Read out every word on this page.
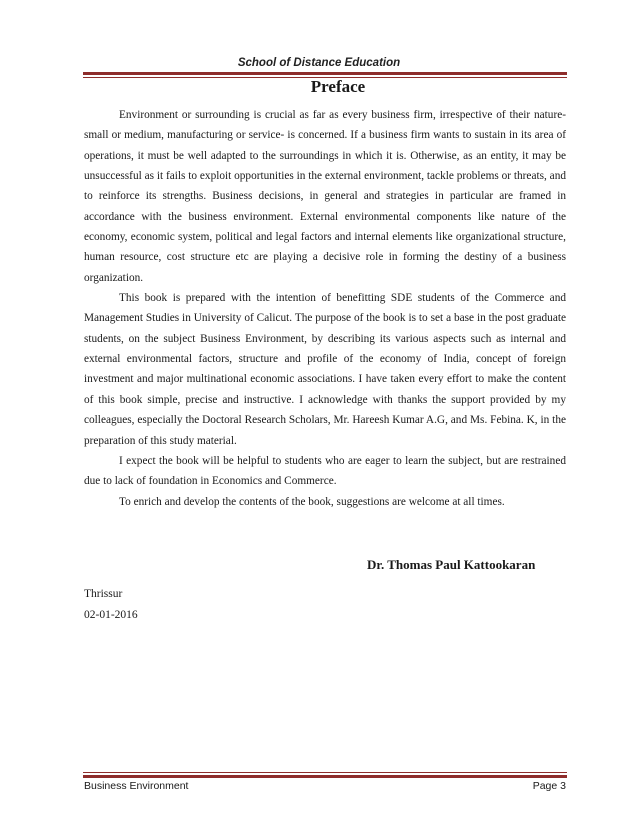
School of Distance Education
Preface

Environment or surrounding is crucial as far as every business firm, irrespective of their nature-small or medium, manufacturing or service- is concerned. If a business firm wants to sustain in its area of operations, it must be well adapted to the surroundings in which it is. Otherwise, as an entity, it may be unsuccessful as it fails to exploit opportunities in the external environment, tackle problems or threats, and to reinforce its strengths. Business decisions, in general and strategies in particular are framed in accordance with the business environment. External environmental components like nature of the economy, economic system, political and legal factors and internal elements like organizational structure, human resource, cost structure etc are playing a decisive role in forming the destiny of a business organization.

This book is prepared with the intention of benefitting SDE students of the Commerce and Management Studies in University of Calicut. The purpose of the book is to set a base in the post graduate students, on the subject Business Environment, by describing its various aspects such as internal and external environmental factors, structure and profile of the economy of India, concept of foreign investment and major multinational economic associations. I have taken every effort to make the content of this book simple, precise and instructive. I acknowledge with thanks the support provided by my colleagues, especially the Doctoral Research Scholars, Mr. Hareesh Kumar A.G, and Ms. Febina. K, in the preparation of this study material.

I expect the book will be helpful to students who are eager to learn the subject, but are restrained due to lack of foundation in Economics and Commerce.

To enrich and develop the contents of the book, suggestions are welcome at all times.

Dr. Thomas Paul Kattookaran
Thrissur
02-01-2016
Business Environment	Page 3
